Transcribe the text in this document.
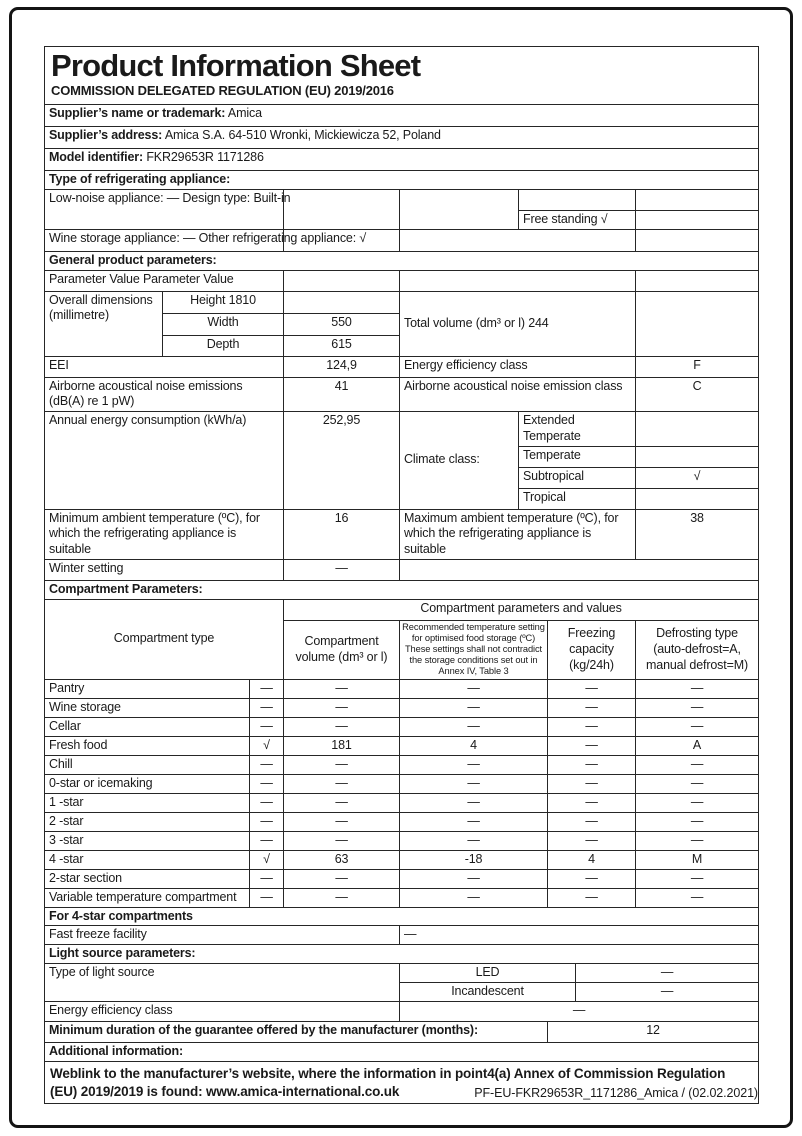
Product Information Sheet
COMMISSION DELEGATED REGULATION (EU) 2019/2016								

Supplier’s name or trademark: Amica								
Supplier’s address: Amica S.A. 64-510 Wronki, Mickiewicza 52, Poland								
Model identifier: FKR29653R 1171286								
Type of refrigerating appliance:								
Low-noise appliance: — Design type: Built-in								
					Free standing √			
Wine storage appliance: — Other refrigerating appliance: √						

General product parameters:								
Parameter Value Parameter Value								
Overall dimensions (millimetre)	Height 1810			Total volume (dm³ or l) 244				
	Width		550					
	Depth		615					
EEI			124,9	Energy efficiency class				F
Airborne acoustical noise emissions (dB(A) re 1 pW)			41	Airborne acoustical noise emission class				C
Annual energy consumption (kWh/a)			252,95	Climate class:	Extended Temperate			
					Temperate			
					Subtropical			√
					Tropical			
Minimum ambient temperature (ºC), for which the refrigerating appliance is suitable			16	Maximum ambient temperature (ºC), for which the refrigerating appliance is suitable				38
Winter setting			—					
Compartment Parameters:								
Compartment type			Compartment parameters and values					
			Compartment volume (dm³ or l)	Recommended temperature setting for optimised food storage (ºC) These settings shall not contradict the storage conditions set out in Annex IV, Table 3		Freezing capacity (kg/24h)		Defrosting type (auto-defrost=A, manual defrost=M)
Pantry		—	—	—		—		—
Wine storage		—	—	—		—		—
Cellar		—	—	—		—		—
Fresh food		√	181	4		—		A
Chill		—	—	—		—		—
0-star or icemaking		—	—	—		—		—
1 -star		—	—	—		—		—
2 -star		—	—	—		—		—
3 -star		—	—	—		—		—
4 -star		√	63	-18		4		M
2-star section		—	—	—		—		—
Variable temperature compartment		—	—	—		—		—
For 4-star compartments								
Fast freeze facility				—				
Light source parameters:								
Type of light source				LED			—	
				Incandescent			—	
Energy efficiency class				—				
Minimum duration of the guarantee offered by the manufacturer (months):						12		
Additional information:								
Weblink to the manufacturer’s website, where the information in point4(a) Annex of Commission Regulation (EU) 2019/2019 is found: www.amica-international.co.uk									PF-EU-FKR29653R_1171286_Amica / (02.02.2021)
